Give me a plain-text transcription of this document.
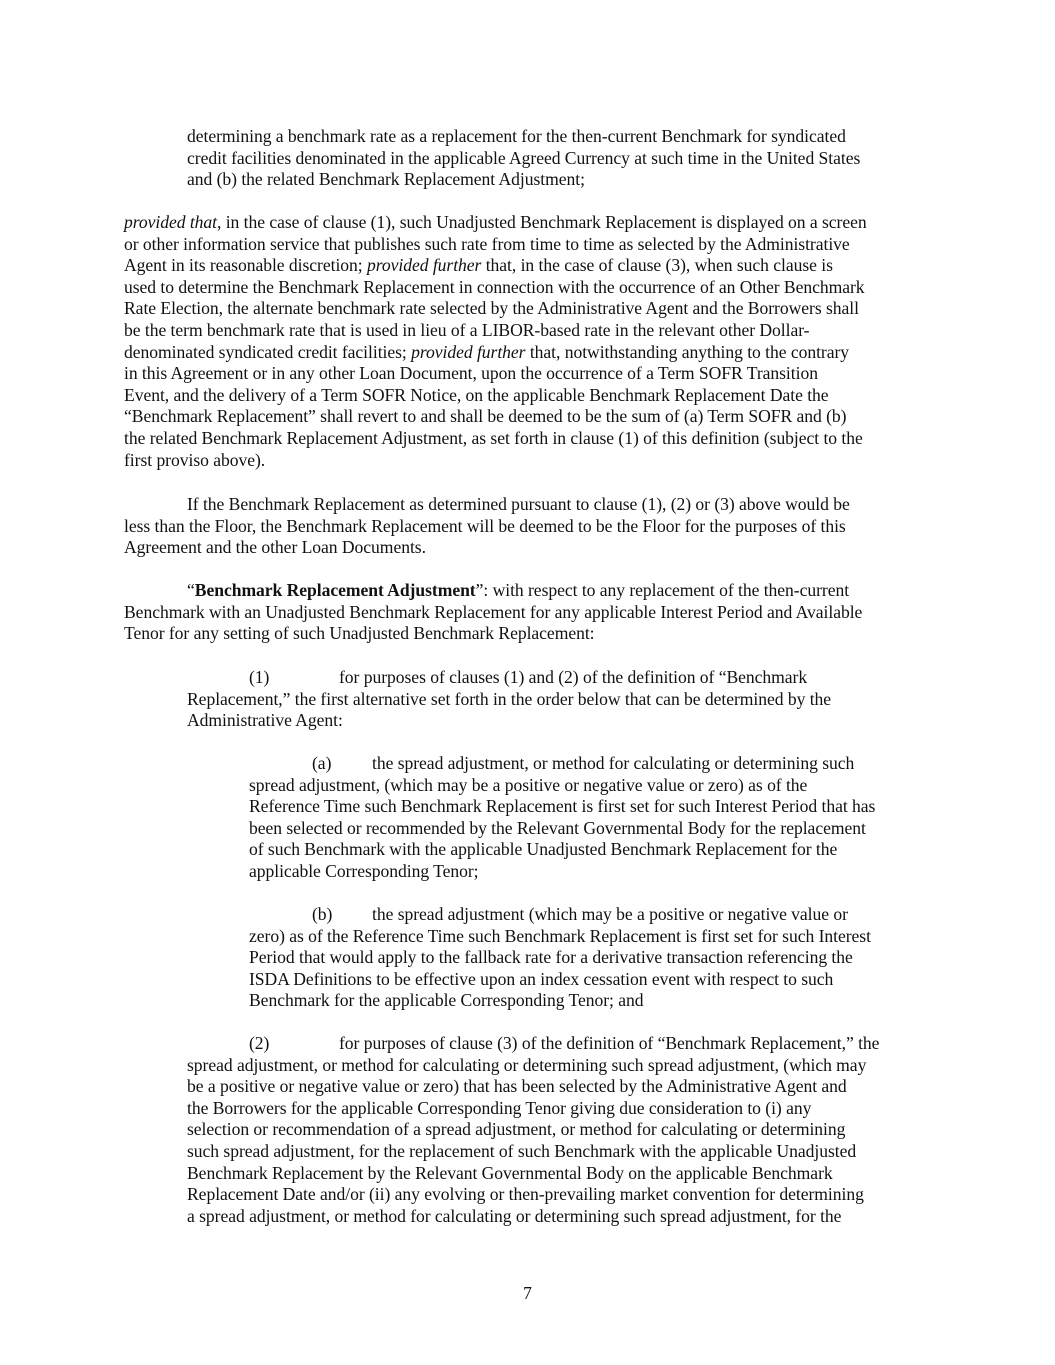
determining a benchmark rate as a replacement for the then-current Benchmark for syndicated
credit facilities denominated in the applicable Agreed Currency at such time in the United States
and (b) the related Benchmark Replacement Adjustment;
provided that, in the case of clause (1), such Unadjusted Benchmark Replacement is displayed on a screen
or other information service that publishes such rate from time to time as selected by the Administrative
Agent in its reasonable discretion; provided further that, in the case of clause (3), when such clause is
used to determine the Benchmark Replacement in connection with the occurrence of an Other Benchmark
Rate Election, the alternate benchmark rate selected by the Administrative Agent and the Borrowers shall
be the term benchmark rate that is used in lieu of a LIBOR-based rate in the relevant other Dollar-
denominated syndicated credit facilities; provided further that, notwithstanding anything to the contrary
in this Agreement or in any other Loan Document, upon the occurrence of a Term SOFR Transition
Event, and the delivery of a Term SOFR Notice, on the applicable Benchmark Replacement Date the
“Benchmark Replacement” shall revert to and shall be deemed to be the sum of (a) Term SOFR and (b)
the related Benchmark Replacement Adjustment, as set forth in clause (1) of this definition (subject to the
first proviso above).
If the Benchmark Replacement as determined pursuant to clause (1), (2) or (3) above would be
less than the Floor, the Benchmark Replacement will be deemed to be the Floor for the purposes of this
Agreement and the other Loan Documents.
“Benchmark Replacement Adjustment”: with respect to any replacement of the then-current
Benchmark with an Unadjusted Benchmark Replacement for any applicable Interest Period and Available
Tenor for any setting of such Unadjusted Benchmark Replacement:
(1)	for purposes of clauses (1) and (2) of the definition of “Benchmark
Replacement,” the first alternative set forth in the order below that can be determined by the
Administrative Agent:
(a) the spread adjustment, or method for calculating or determining such
spread adjustment, (which may be a positive or negative value or zero) as of the
Reference Time such Benchmark Replacement is first set for such Interest Period that has
been selected or recommended by the Relevant Governmental Body for the replacement
of such Benchmark with the applicable Unadjusted Benchmark Replacement for the
applicable Corresponding Tenor;
(b) the spread adjustment (which may be a positive or negative value or
zero) as of the Reference Time such Benchmark Replacement is first set for such Interest
Period that would apply to the fallback rate for a derivative transaction referencing the
ISDA Definitions to be effective upon an index cessation event with respect to such
Benchmark for the applicable Corresponding Tenor; and
(2)	for purposes of clause (3) of the definition of “Benchmark Replacement,” the
spread adjustment, or method for calculating or determining such spread adjustment, (which may
be a positive or negative value or zero) that has been selected by the Administrative Agent and
the Borrowers for the applicable Corresponding Tenor giving due consideration to (i) any
selection or recommendation of a spread adjustment, or method for calculating or determining
such spread adjustment, for the replacement of such Benchmark with the applicable Unadjusted
Benchmark Replacement by the Relevant Governmental Body on the applicable Benchmark
Replacement Date and/or (ii) any evolving or then-prevailing market convention for determining
a spread adjustment, or method for calculating or determining such spread adjustment, for the
7
